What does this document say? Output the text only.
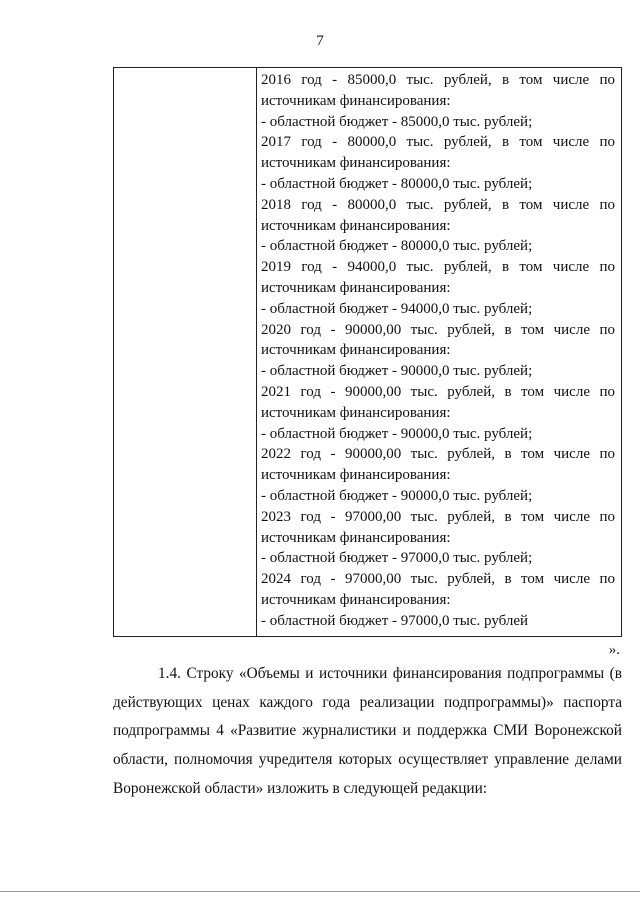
7
2016 год - 85000,0 тыс. рублей, в том числе по
источникам финансирования:
- областной бюджет - 85000,0 тыс. рублей;
2017 год - 80000,0 тыс. рублей, в том числе по
источникам финансирования:
- областной бюджет - 80000,0 тыс. рублей;
2018 год - 80000,0 тыс. рублей, в том числе по
источникам финансирования:
- областной бюджет - 80000,0 тыс. рублей;
2019 год - 94000,0 тыс. рублей, в том числе по
источникам финансирования:
- областной бюджет - 94000,0 тыс. рублей;
2020 год - 90000,00 тыс. рублей, в том числе по
источникам финансирования:
- областной бюджет - 90000,0 тыс. рублей;
2021 год - 90000,00 тыс. рублей, в том числе по
источникам финансирования:
- областной бюджет - 90000,0 тыс. рублей;
2022 год - 90000,00 тыс. рублей, в том числе по
источникам финансирования:
- областной бюджет - 90000,0 тыс. рублей;
2023 год - 97000,00 тыс. рублей, в том числе по
источникам финансирования:
- областной бюджет - 97000,0 тыс. рублей;
2024 год - 97000,00 тыс. рублей, в том числе по
источникам финансирования:
- областной бюджет - 97000,0 тыс. рублей
».
1.4. Строку «Объемы и источники финансирования подпрограммы (в
действующих ценах каждого года реализации подпрограммы)» паспорта
подпрограммы 4 «Развитие журналистики и поддержка СМИ Воронежской
области, полномочия учредителя которых осуществляет управление делами
Воронежской области» изложить в следующей редакции:
